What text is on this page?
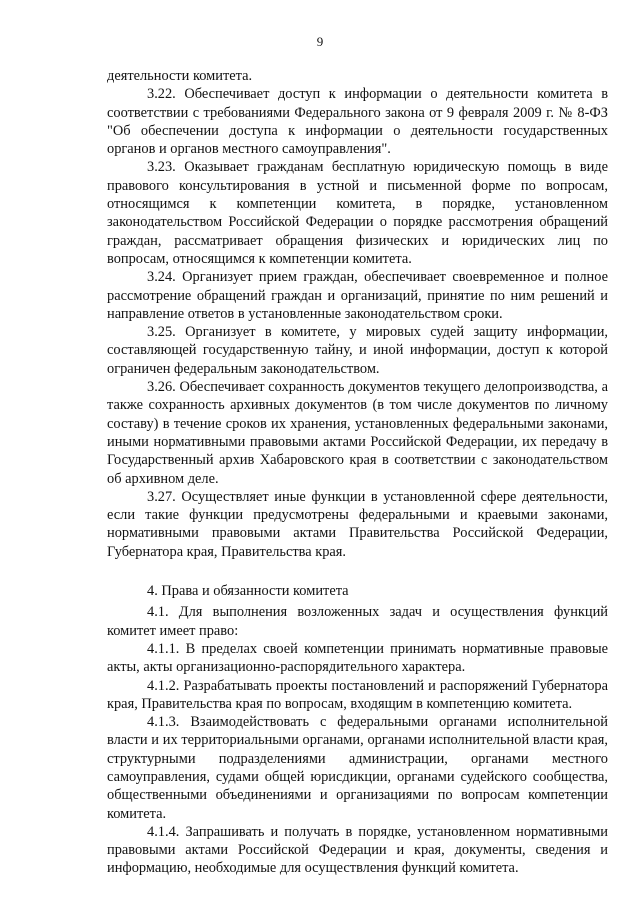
9

деятельности комитета.

3.22. Обеспечивает доступ к информации о деятельности комитета в соответствии с требованиями Федерального закона от 9 февраля 2009 г. № 8-ФЗ "Об обеспечении доступа к информации о деятельности государственных органов и органов местного самоуправления".

3.23. Оказывает гражданам бесплатную юридическую помощь в виде правового консультирования в устной и письменной форме по вопросам, относящимся к компетенции комитета, в порядке, установленном законодательством Российской Федерации о порядке рассмотрения обращений граждан, рассматривает обращения физических и юридических лиц по вопросам, относящимся к компетенции комитета.

3.24. Организует прием граждан, обеспечивает своевременное и полное рассмотрение обращений граждан и организаций, принятие по ним решений и направление ответов в установленные законодательством сроки.

3.25. Организует в комитете, у мировых судей защиту информации, составляющей государственную тайну, и иной информации, доступ к которой ограничен федеральным законодательством.

3.26. Обеспечивает сохранность документов текущего делопроизводства, а также сохранность архивных документов (в том числе документов по личному составу) в течение сроков их хранения, установленных федеральными законами, иными нормативными правовыми актами Российской Федерации, их передачу в Государственный архив Хабаровского края в соответствии с законодательством об архивном деле.

3.27. Осуществляет иные функции в установленной сфере деятельности, если такие функции предусмотрены федеральными и краевыми законами, нормативными правовыми актами Правительства Российской Федерации, Губернатора края, Правительства края.

4. Права и обязанности комитета

4.1. Для выполнения возложенных задач и осуществления функций комитет имеет право:

4.1.1. В пределах своей компетенции принимать нормативные правовые акты, акты организационно-распорядительного характера.

4.1.2. Разрабатывать проекты постановлений и распоряжений Губернатора края, Правительства края по вопросам, входящим в компетенцию комитета.

4.1.3. Взаимодействовать с федеральными органами исполнительной власти и их территориальными органами, органами исполнительной власти края, структурными подразделениями администрации, органами местного самоуправления, судами общей юрисдикции, органами судейского сообщества, общественными объединениями и организациями по вопросам компетенции комитета.

4.1.4. Запрашивать и получать в порядке, установленном нормативными правовыми актами Российской Федерации и края, документы, сведения и информацию, необходимые для осуществления функций комитета.
